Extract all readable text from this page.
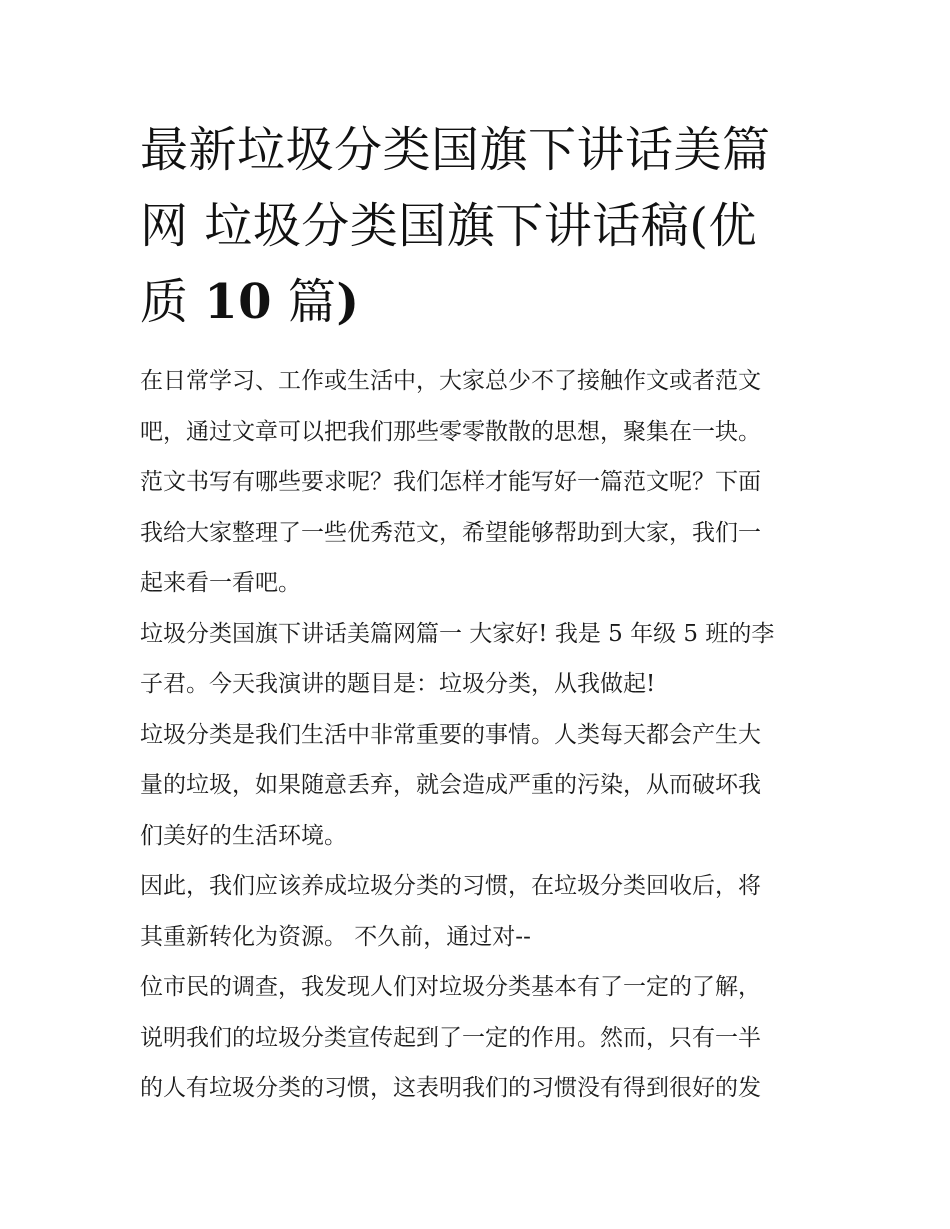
最新垃圾分类国旗下讲话美篇
网 垃圾分类国旗下讲话稿(优
质 10 篇)

在日常学习、工作或生活中，大家总少不了接触作文或者范文
吧，通过文章可以把我们那些零零散散的思想，聚集在一块。
范文书写有哪些要求呢？我们怎样才能写好一篇范文呢？下面
我给大家整理了一些优秀范文，希望能够帮助到大家，我们一
起来看一看吧。

垃圾分类国旗下讲话美篇网篇一 大家好! 我是 5 年级 5 班的李
子君。今天我演讲的题目是：垃圾分类，从我做起!

垃圾分类是我们生活中非常重要的事情。人类每天都会产生大
量的垃圾，如果随意丢弃，就会造成严重的污染，从而破坏我
们美好的生活环境。

因此，我们应该养成垃圾分类的习惯，在垃圾分类回收后，将
其重新转化为资源。 不久前，通过对--

位市民的调查，我发现人们对垃圾分类基本有了一定的了解，
说明我们的垃圾分类宣传起到了一定的作用。然而，只有一半
的人有垃圾分类的习惯，这表明我们的习惯没有得到很好的发
